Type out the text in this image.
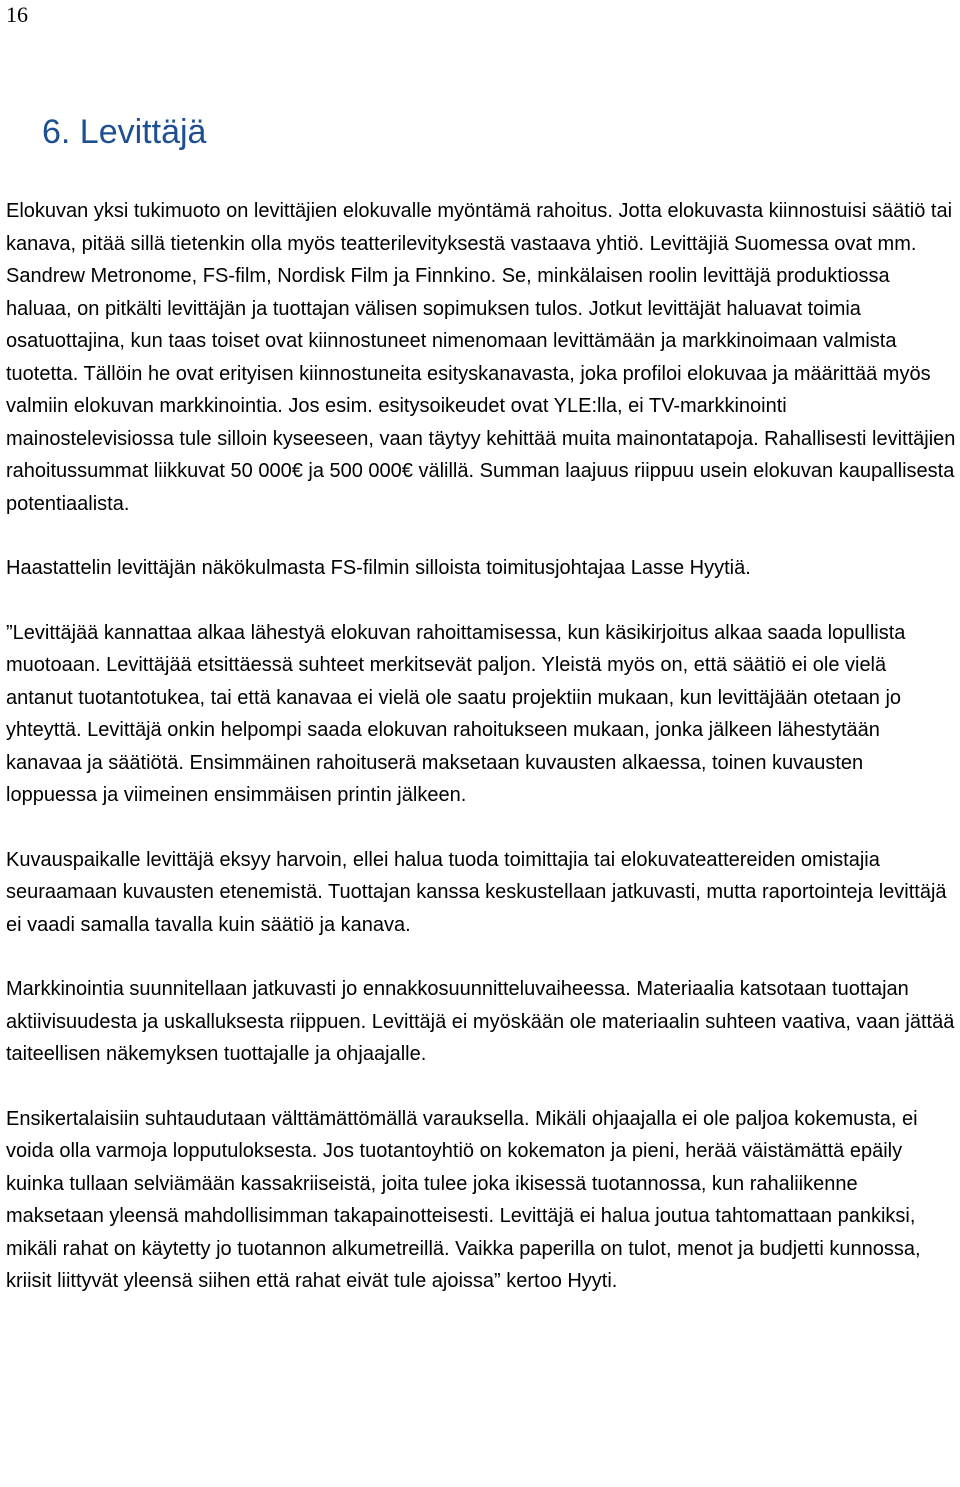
16
6. Levittäjä

Elokuvan yksi tukimuoto on levittäjien elokuvalle myöntämä rahoitus. Jotta elokuvasta kiinnostuisi säätiö tai kanava, pitää sillä tietenkin olla myös teatterilevityksestä vastaava yhtiö. Levittäjiä Suomessa ovat mm. Sandrew Metronome, FS-film, Nordisk Film ja Finnkino. Se, minkälaisen roolin levittäjä produktiossa haluaa, on pitkälti levittäjän ja tuottajan välisen sopimuksen tulos. Jotkut levittäjät haluavat toimia osatuottajina, kun taas toiset ovat kiinnostuneet nimenomaan levittämään ja markkinoimaan valmista tuotetta. Tällöin he ovat erityisen kiinnostuneita esityskanavasta, joka profiloi elokuvaa ja määrittää myös valmiin elokuvan markkinointia. Jos esim. esitysoikeudet ovat YLE:lla, ei TV-markkinointi mainostelevisiossa tule silloin kyseeseen, vaan täytyy kehittää muita mainontatapoja. Rahallisesti levittäjien rahoitussummat liikkuvat 50 000€ ja 500 000€ välillä. Summan laajuus riippuu usein elokuvan kaupallisesta potentiaalista.

Haastattelin levittäjän näkökulmasta FS-filmin silloista toimitusjohtajaa Lasse Hyytiä.

”Levittäjää kannattaa alkaa lähestyä elokuvan rahoittamisessa, kun käsikirjoitus alkaa saada lopullista muotoaan. Levittäjää etsittäessä suhteet merkitsevät paljon. Yleistä myös on, että säätiö ei ole vielä antanut tuotantotukea, tai että kanavaa ei vielä ole saatu projektiin mukaan, kun levittäjään otetaan jo yhteyttä. Levittäjä onkin helpompi saada elokuvan rahoitukseen mukaan, jonka jälkeen lähestytään kanavaa ja säätiötä. Ensimmäinen rahoituserä maksetaan kuvausten alkaessa, toinen kuvausten loppuessa ja viimeinen ensimmäisen printin jälkeen.

Kuvauspaikalle levittäjä eksyy harvoin, ellei halua tuoda toimittajia tai elokuvateattereiden omistajia seuraamaan kuvausten etenemistä. Tuottajan kanssa keskustellaan jatkuvasti, mutta raportointeja levittäjä ei vaadi samalla tavalla kuin säätiö ja kanava.

Markkinointia suunnitellaan jatkuvasti jo ennakkosuunnitteluvaiheessa. Materiaalia katsotaan tuottajan aktiivisuudesta ja uskalluksesta riippuen. Levittäjä ei myöskään ole materiaalin suhteen vaativa, vaan jättää taiteellisen näkemyksen tuottajalle ja ohjaajalle.

Ensikertalaisiin suhtaudutaan välttämättömällä varauksella. Mikäli ohjaajalla ei ole paljoa kokemusta, ei voida olla varmoja lopputuloksesta. Jos tuotantoyhtiö on kokematon ja pieni, herää väistämättä epäily kuinka tullaan selviämään kassakriiseistä, joita tulee joka ikisessä tuotannossa, kun rahaliikenne maksetaan yleensä mahdollisimman takapainotteisesti. Levittäjä ei halua joutua tahtomattaan pankiksi, mikäli rahat on käytetty jo tuotannon alkumetreillä. Vaikka paperilla on tulot, menot ja budjetti kunnossa, kriisit liittyvät yleensä siihen että rahat eivät tule ajoissa” kertoo Hyyti.
